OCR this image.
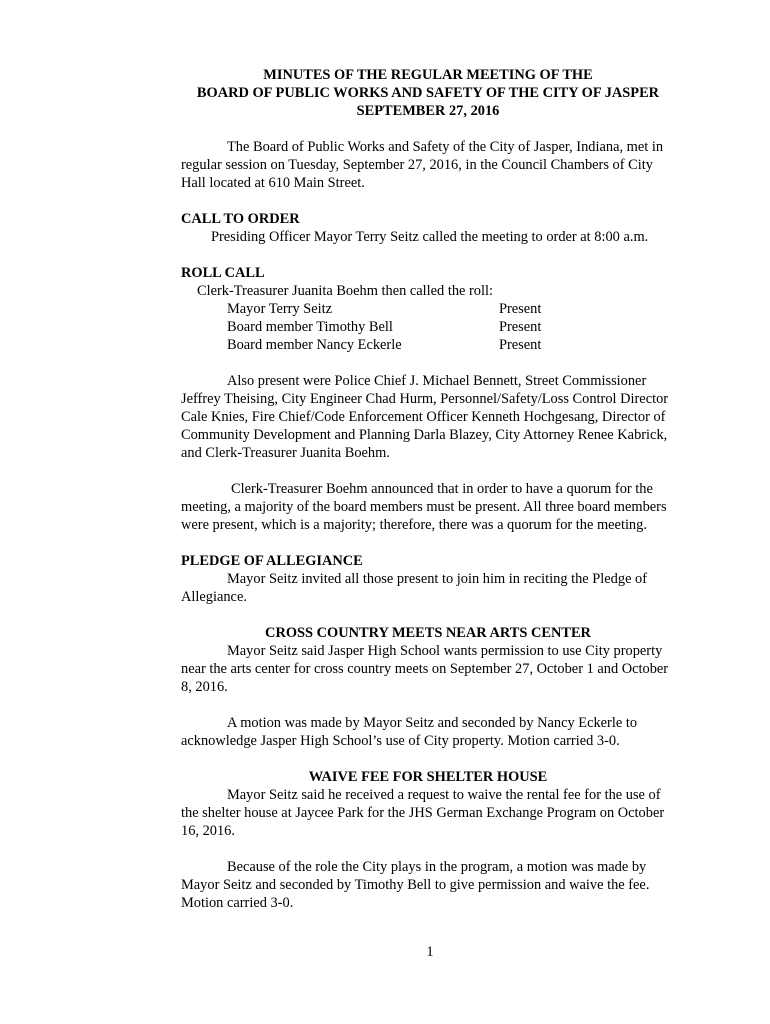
MINUTES OF THE REGULAR MEETING OF THE
BOARD OF PUBLIC WORKS AND SAFETY OF THE CITY OF JASPER
SEPTEMBER 27, 2016

The Board of Public Works and Safety of the City of Jasper, Indiana, met in regular session on Tuesday, September 27, 2016, in the Council Chambers of City Hall located at 610 Main Street.

CALL TO ORDER

Presiding Officer Mayor Terry Seitz called the meeting to order at 8:00 a.m.

ROLL CALL

Clerk-Treasurer Juanita Boehm then called the roll:

Mayor Terry Seitz	Present
Board member Timothy Bell	Present
Board member Nancy Eckerle	Present

Also present were Police Chief J. Michael Bennett, Street Commissioner Jeffrey Theising, City Engineer Chad Hurm, Personnel/Safety/Loss Control Director Cale Knies, Fire Chief/Code Enforcement Officer Kenneth Hochgesang, Director of Community Development and Planning Darla Blazey, City Attorney Renee Kabrick, and Clerk-Treasurer Juanita Boehm.

Clerk-Treasurer Boehm announced that in order to have a quorum for the meeting, a majority of the board members must be present. All three board members were present, which is a majority; therefore, there was a quorum for the meeting.

PLEDGE OF ALLEGIANCE

Mayor Seitz invited all those present to join him in reciting the Pledge of Allegiance.

CROSS COUNTRY MEETS NEAR ARTS CENTER

Mayor Seitz said Jasper High School wants permission to use City property near the arts center for cross country meets on September 27, October 1 and October 8, 2016.

A motion was made by Mayor Seitz and seconded by Nancy Eckerle to acknowledge Jasper High School’s use of City property. Motion carried 3-0.

WAIVE FEE FOR SHELTER HOUSE

Mayor Seitz said he received a request to waive the rental fee for the use of the shelter house at Jaycee Park for the JHS German Exchange Program on October 16, 2016.

Because of the role the City plays in the program, a motion was made by Mayor Seitz and seconded by Timothy Bell to give permission and waive the fee. Motion carried 3-0.

1
